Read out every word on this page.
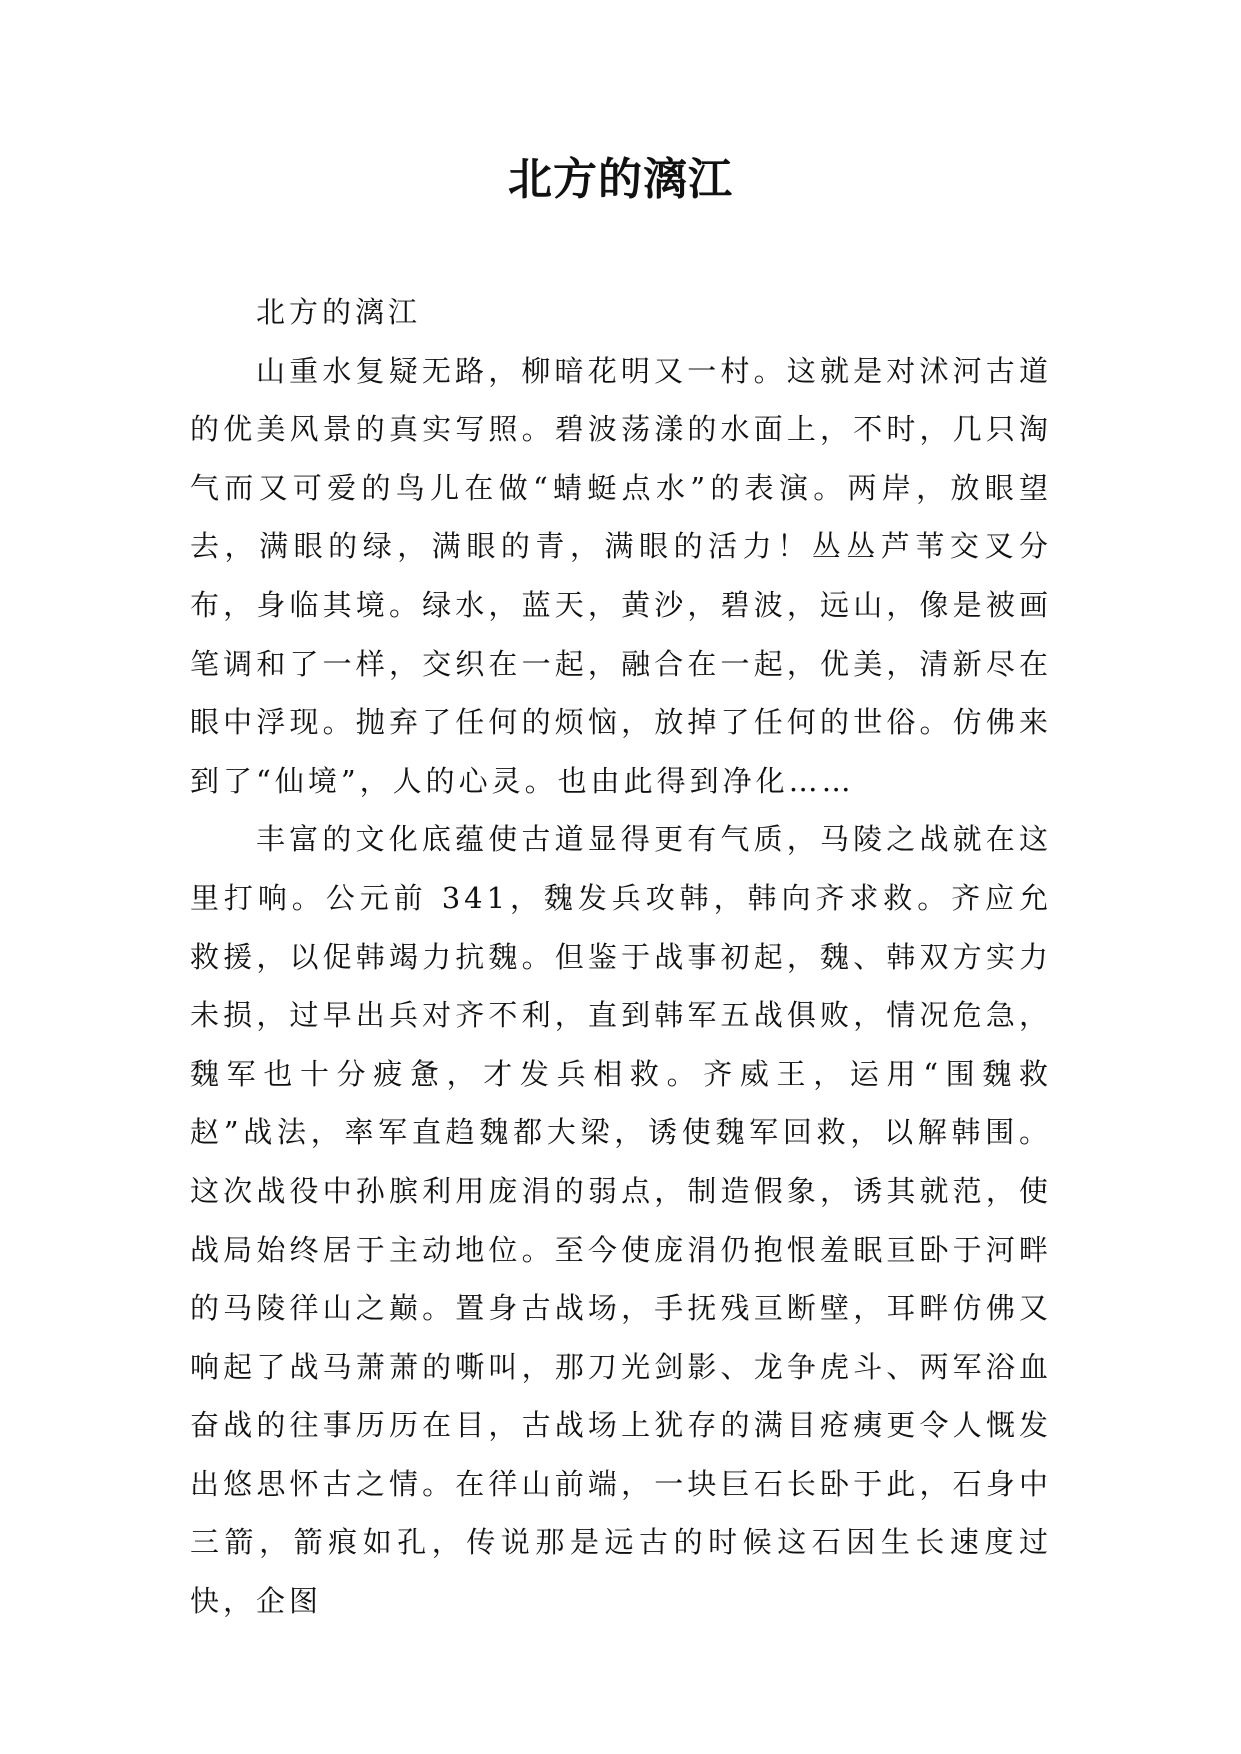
北方的漓江

北方的漓江

山重水复疑无路，柳暗花明又一村。这就是对沭河古道的优美风景的真实写照。碧波荡漾的水面上，不时，几只淘气而又可爱的鸟儿在做“蜻蜓点水”的表演。两岸，放眼望去，满眼的绿，满眼的青，满眼的活力！丛丛芦苇交叉分布，身临其境。绿水，蓝天，黄沙，碧波，远山，像是被画笔调和了一样，交织在一起，融合在一起，优美，清新尽在眼中浮现。抛弃了任何的烦恼，放掉了任何的世俗。仿佛来到了“仙境”，人的心灵。也由此得到净化……

丰富的文化底蕴使古道显得更有气质，马陵之战就在这里打响。公元前 341，魏发兵攻韩，韩向齐求救。齐应允救援，以促韩竭力抗魏。但鉴于战事初起，魏、韩双方实力未损，过早出兵对齐不利，直到韩军五战俱败，情况危急，魏军也十分疲惫，才发兵相救。齐威王，运用“围魏救赵”战法，率军直趋魏都大梁，诱使魏军回救，以解韩围。这次战役中孙膑利用庞涓的弱点，制造假象，诱其就范，使战局始终居于主动地位。至今使庞涓仍抱恨羞眠亘卧于河畔的马陵徉山之巅。置身古战场，手抚残亘断壁，耳畔仿佛又响起了战马萧萧的嘶叫，那刀光剑影、龙争虎斗、两军浴血奋战的往事历历在目，古战场上犹存的满目疮痍更令人慨发出悠思怀古之情。在徉山前端，一块巨石长卧于此，石身中三箭，箭痕如孔，传说那是远古的时候这石因生长速度过快，企图
